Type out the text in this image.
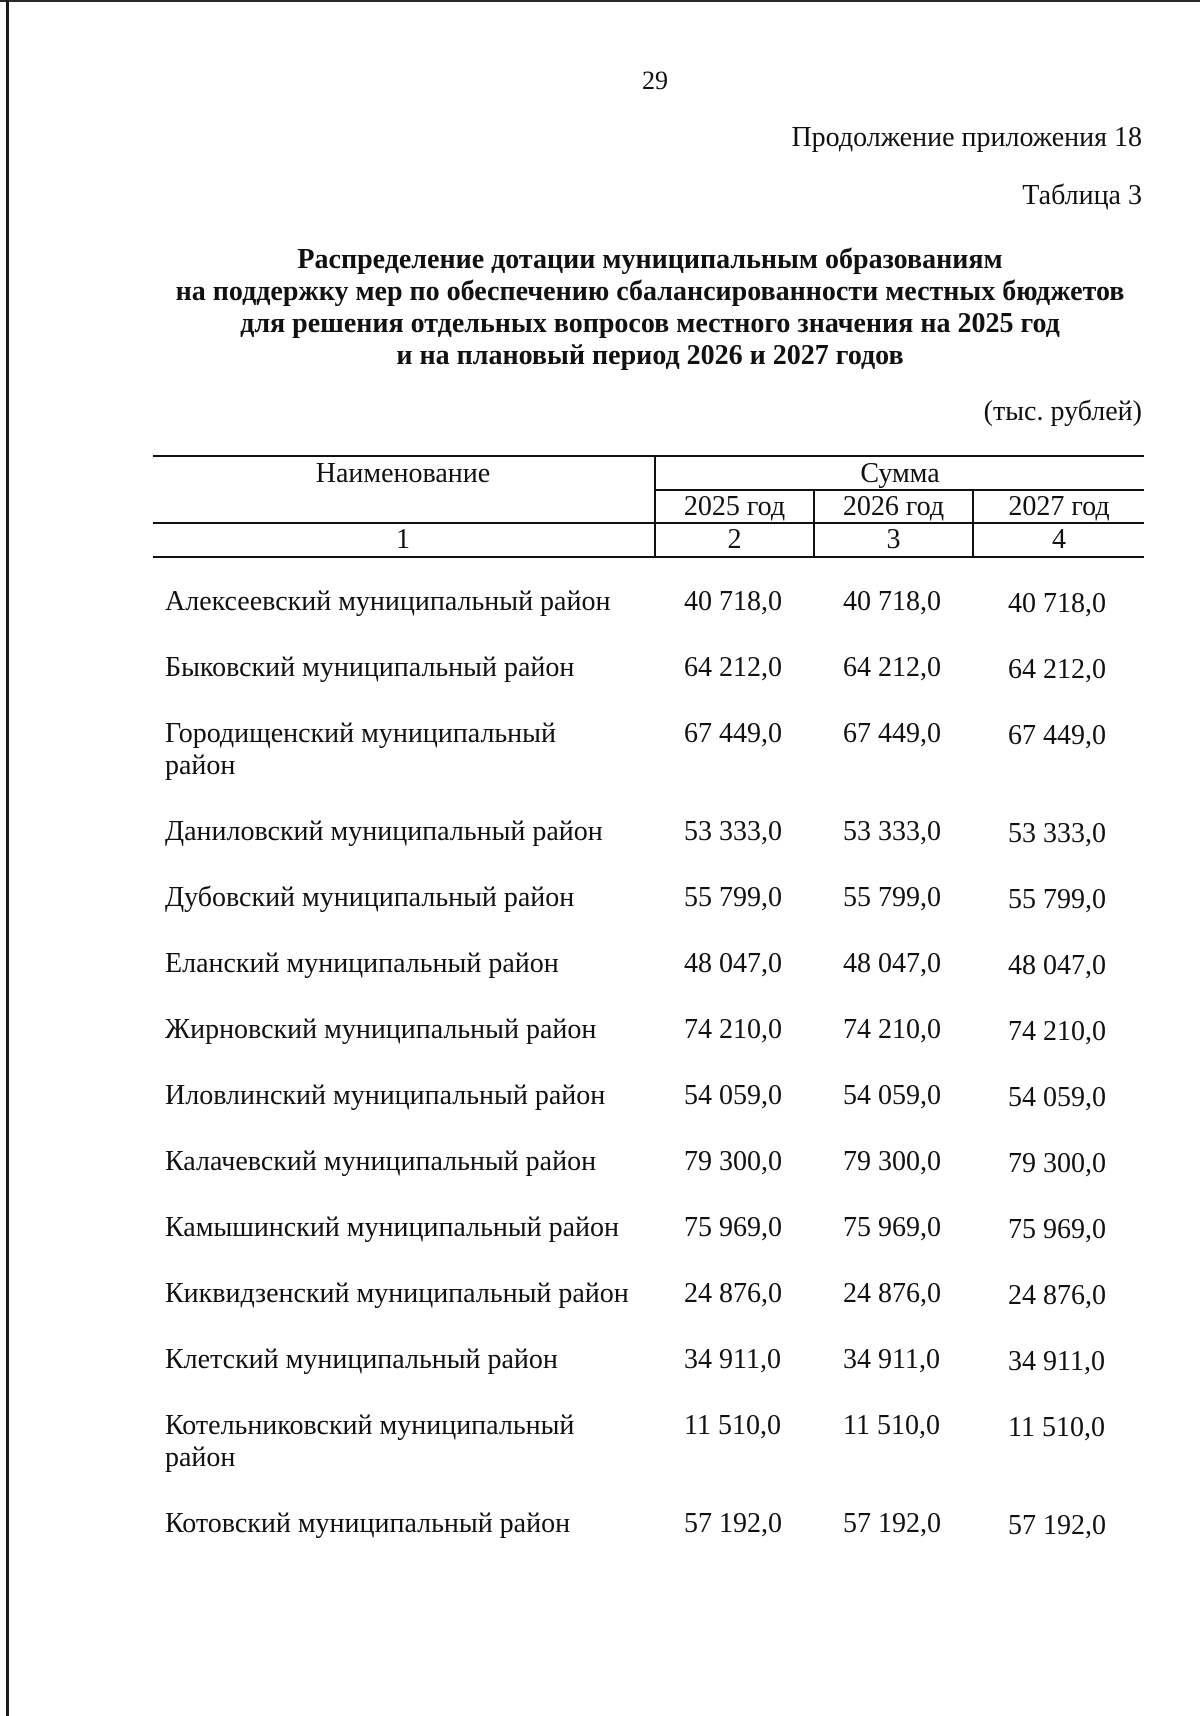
29
Продолжение приложения 18
Таблица 3
Распределение дотации муниципальным образованиям
на поддержку мер по обеспечению сбалансированности местных бюджетов
для решения отдельных вопросов местного значения на 2025 год
и на плановый период 2026 и 2027 годов
(тыс. рублей)
Наименование	Сумма
2025 год	2026 год	2027 год
1	2	3	4
Алексеевский муниципальный район	40 718,0	40 718,0	40 718,0
Быковский муниципальный район	64 212,0	64 212,0	64 212,0
Городищенский муниципальный
район
67 449,0	67 449,0	67 449,0
Даниловский муниципальный район	53 333,0	53 333,0	53 333,0
Дубовский муниципальный район	55 799,0	55 799,0	55 799,0
Еланский муниципальный район	48 047,0	48 047,0	48 047,0
Жирновский муниципальный район	74 210,0	74 210,0	74 210,0
Иловлинский муниципальный район	54 059,0	54 059,0	54 059,0
Калачевский муниципальный район	79 300,0	79 300,0	79 300,0
Камышинский муниципальный район	75 969,0	75 969,0	75 969,0
Киквидзенский муниципальный район	24 876,0	24 876,0	24 876,0
Клетский муниципальный район	34 911,0	34 911,0	34 911,0
Котельниковский муниципальный
район
11 510,0	11 510,0	11 510,0
Котовский муниципальный район	57 192,0	57 192,0	57 192,0
